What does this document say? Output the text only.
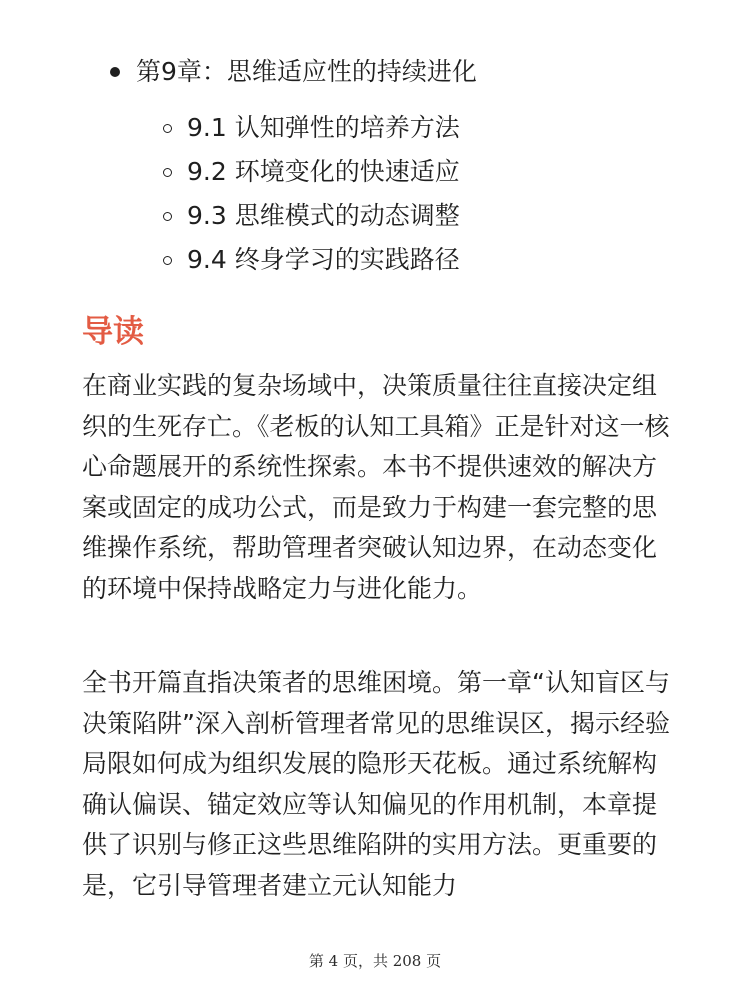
第9章：思维适应性的持续进化
9.1 认知弹性的培养方法
9.2 环境变化的快速适应
9.3 思维模式的动态调整
9.4 终身学习的实践路径
导读

在商业实践的复杂场域中，决策质量往往直接决定组织的生死存亡。《老板的认知工具箱》正是针对这一核心命题展开的系统性探索。本书不提供速效的解决方案或固定的成功公式，而是致力于构建一套完整的思维操作系统，帮助管理者突破认知边界，在动态变化的环境中保持战略定力与进化能力。

全书开篇直指决策者的思维困境。第一章“认知盲区与决策陷阱”深入剖析管理者常见的思维误区，揭示经验局限如何成为组织发展的隐形天花板。通过系统解构确认偏误、锚定效应等认知偏见的作用机制，本章提供了识别与修正这些思维陷阱的实用方法。更重要的是，它引导管理者建立元认知能力

第 4 页，共 208 页
